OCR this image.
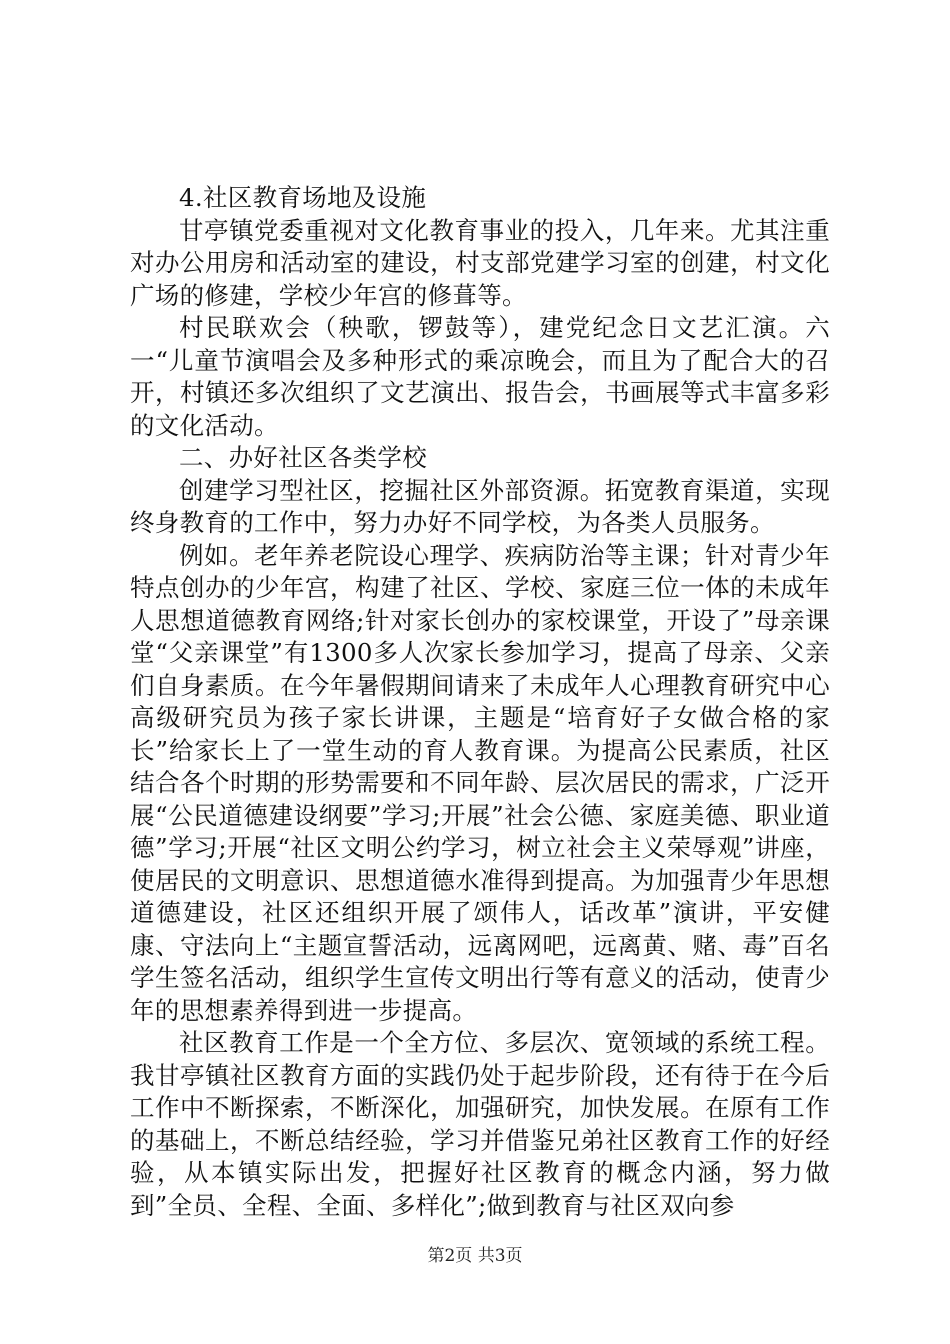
4.社区教育场地及设施

甘亭镇党委重视对文化教育事业的投入，几年来。尤其注重对办公用房和活动室的建设，村支部党建学习室的创建，村文化广场的修建，学校少年宫的修葺等。

村民联欢会（秧歌，锣鼓等），建党纪念日文艺汇演。六一“儿童节演唱会及多种形式的乘凉晚会，而且为了配合大的召开，村镇还多次组织了文艺演出、报告会，书画展等式丰富多彩的文化活动。

二、办好社区各类学校

创建学习型社区，挖掘社区外部资源。拓宽教育渠道，实现终身教育的工作中，努力办好不同学校，为各类人员服务。

例如。老年养老院设心理学、疾病防治等主课；针对青少年特点创办的少年宫，构建了社区、学校、家庭三位一体的未成年人思想道德教育网络;针对家长创办的家校课堂，开设了”母亲课堂“父亲课堂”有1300多人次家长参加学习，提高了母亲、父亲们自身素质。在今年暑假期间请来了未成年人心理教育研究中心高级研究员为孩子家长讲课，主题是“培育好子女做合格的家长”给家长上了一堂生动的育人教育课。为提高公民素质，社区结合各个时期的形势需要和不同年龄、层次居民的需求，广泛开展“公民道德建设纲要”学习;开展”社会公德、家庭美德、职业道德”学习;开展“社区文明公约学习，树立社会主义荣辱观”讲座，使居民的文明意识、思想道德水准得到提高。为加强青少年思想道德建设，社区还组织开展了颂伟人，话改革”演讲，平安健康、守法向上“主题宣誓活动，远离网吧，远离黄、赌、毒”百名学生签名活动，组织学生宣传文明出行等有意义的活动，使青少年的思想素养得到进一步提高。

社区教育工作是一个全方位、多层次、宽领域的系统工程。我甘亭镇社区教育方面的实践仍处于起步阶段，还有待于在今后工作中不断探索，不断深化，加强研究，加快发展。在原有工作的基础上，不断总结经验，学习并借鉴兄弟社区教育工作的好经验，从本镇实际出发，把握好社区教育的概念内涵，努力做到”全员、全程、全面、多样化”;做到教育与社区双向参

第2页 共3页
